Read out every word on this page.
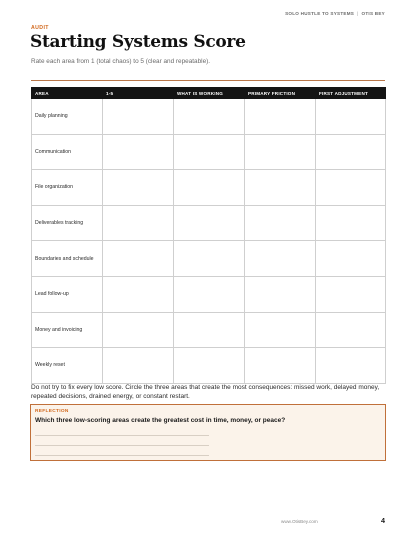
SOLO HUSTLE TO SYSTEMS | OTIS BEY
AUDIT
Starting Systems Score

Rate each area from 1 (total chaos) to 5 (clear and repeatable).

AREA	1-5	WHAT IS WORKING	PRIMARY FRICTION	FIRST ADJUSTMENT
Daily planning				
Communication				
File organization				
Deliverables tracking				
Boundaries and schedule				
Lead follow-up				
Money and invoicing				
Weekly reset				

Do not try to fix every low score. Circle the three areas that create the most consequences: missed work, delayed money, repeated decisions, drained energy, or constant restart.

REFLECTION
Which three low-scoring areas create the greatest cost in time, money, or peace?
www.OtisBey.com	4
